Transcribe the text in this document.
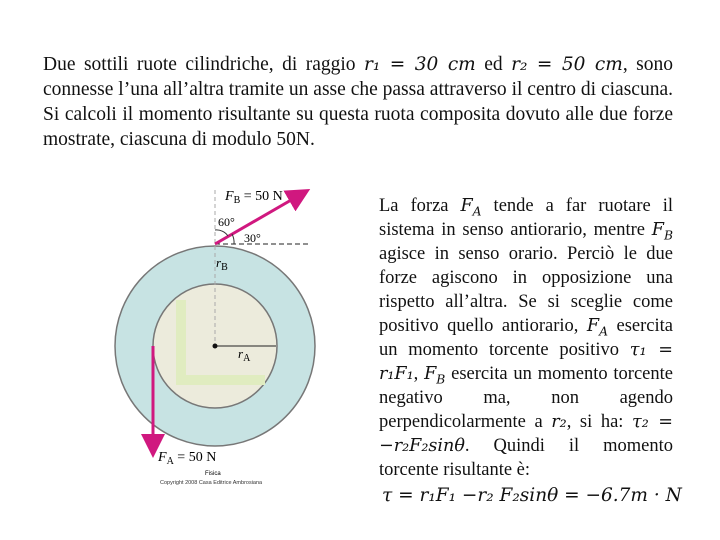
Due sottili ruote cilindriche, di raggio r₁ = 30 cm ed r₂ = 50 cm, sono connesse l’una all’altra tramite un asse che passa attraverso il centro di ciascuna. Si calcoli il momento risultante su questa ruota composita dovuto alle due forze mostrate, ciascuna di modulo 50N.
$F_B = 50$ N
60°
30°
$r_B$
$r_A$
$F_A = 50$ N
Fisica
Copyright 2008 Casa Editrice Ambrosiana
La forza $F_A$ tende a far ruotare il sistema in senso antiorario, mentre $F_B$ agisce in senso orario. Perciò le due forze agiscono in opposizione una rispetto all’altra. Se si sceglie come positivo quello antiorario, $F_A$ esercita un momento torcente positivo τ₁ = r₁F₁, $F_B$ esercita un momento torcente negativo ma, non agendo perpendicolarmente a r₂, si ha: τ₂ = −r₂F₂sinθ. Quindi il momento torcente risultante è:
τ = r₁F₁ −r₂ F₂sinθ = −6.7m · N
